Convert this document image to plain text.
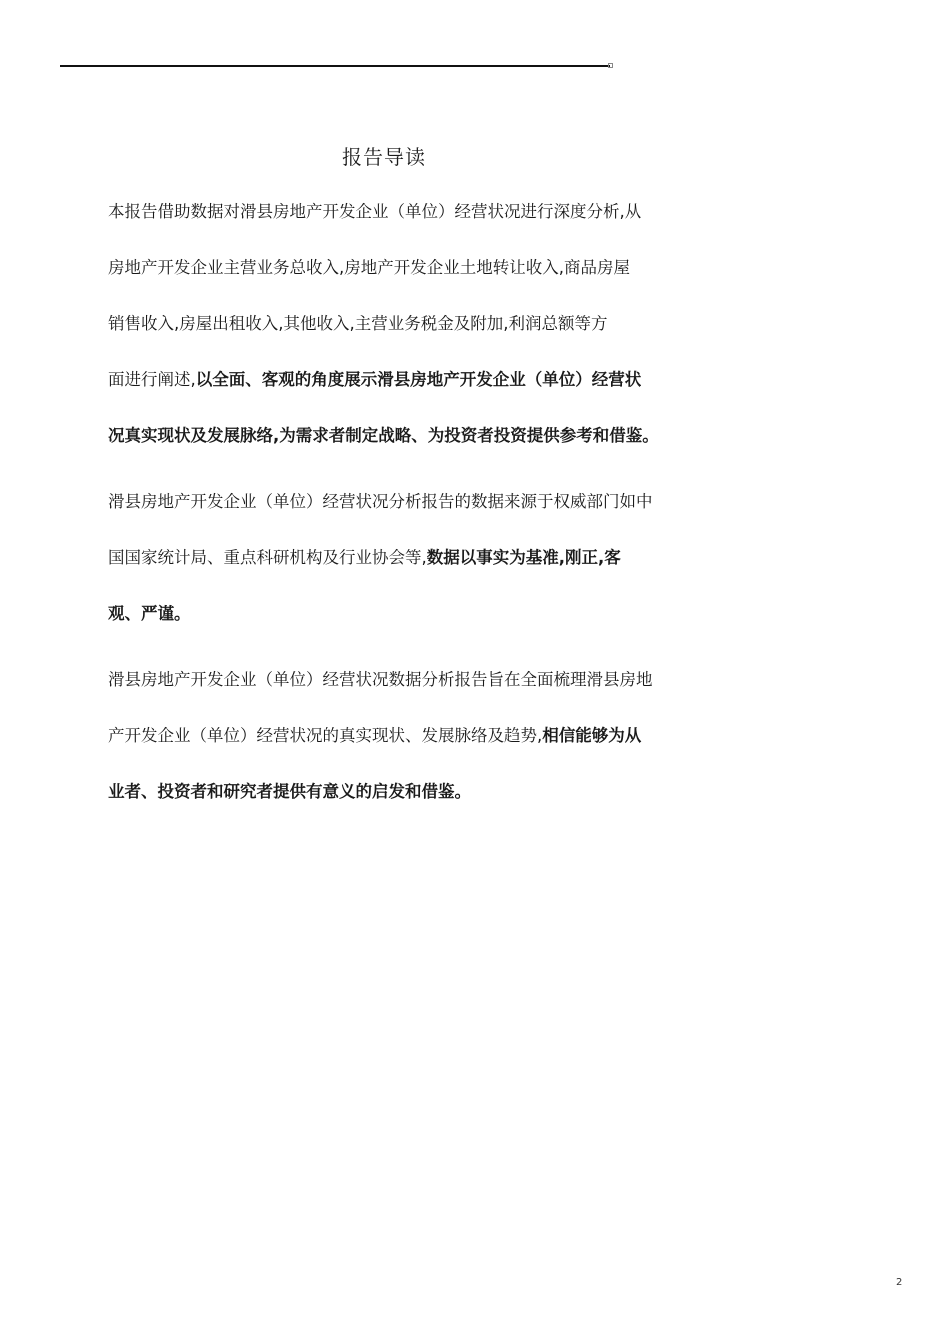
报告导读
本报告借助数据对滑县房地产开发企业（单位）经营状况进行深度分析,从
房地产开发企业主营业务总收入,房地产开发企业土地转让收入,商品房屋
销售收入,房屋出租收入,其他收入,主营业务税金及附加,利润总额等方
面进行阐述,以全面、客观的角度展示滑县房地产开发企业（单位）经营状
况真实现状及发展脉络,为需求者制定战略、为投资者投资提供参考和借鉴。
滑县房地产开发企业（单位）经营状况分析报告的数据来源于权威部门如中
国国家统计局、重点科研机构及行业协会等,数据以事实为基准,刚正,客
观、严谨。
滑县房地产开发企业（单位）经营状况数据分析报告旨在全面梳理滑县房地
产开发企业（单位）经营状况的真实现状、发展脉络及趋势,相信能够为从
业者、投资者和研究者提供有意义的启发和借鉴。
2
